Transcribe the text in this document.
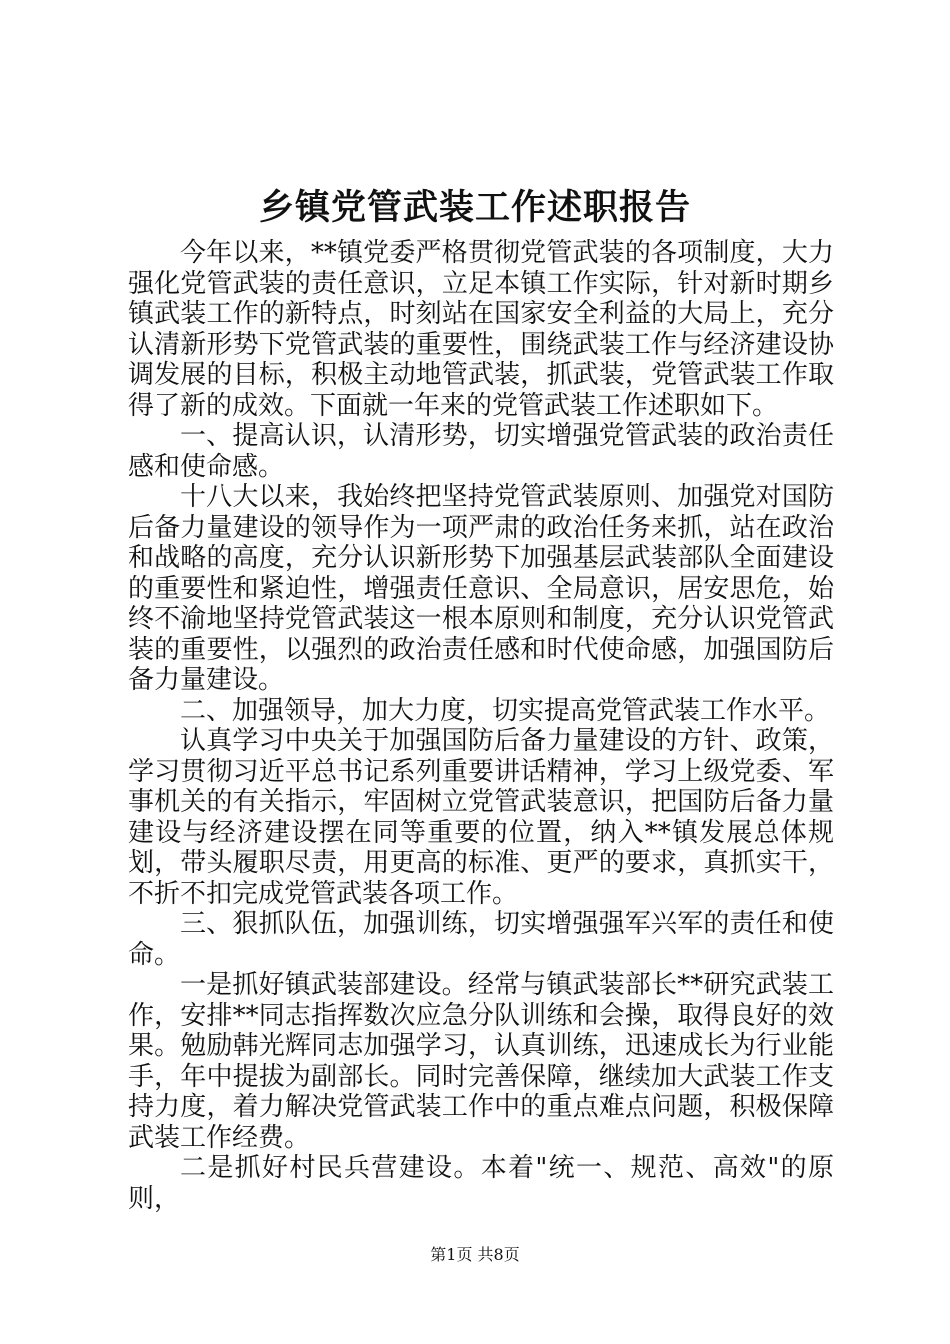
乡镇党管武装工作述职报告

今年以来，**镇党委严格贯彻党管武装的各项制度，大力强化党管武装的责任意识，立足本镇工作实际，针对新时期乡镇武装工作的新特点，时刻站在国家安全利益的大局上，充分认清新形势下党管武装的重要性，围绕武装工作与经济建设协调发展的目标，积极主动地管武装，抓武装，党管武装工作取得了新的成效。下面就一年来的党管武装工作述职如下。

一、提高认识，认清形势，切实增强党管武装的政治责任感和使命感。

十八大以来，我始终把坚持党管武装原则、加强党对国防后备力量建设的领导作为一项严肃的政治任务来抓，站在政治和战略的高度，充分认识新形势下加强基层武装部队全面建设的重要性和紧迫性，增强责任意识、全局意识，居安思危，始终不渝地坚持党管武装这一根本原则和制度，充分认识党管武装的重要性，以强烈的政治责任感和时代使命感，加强国防后备力量建设。

二、加强领导，加大力度，切实提高党管武装工作水平。

认真学习中央关于加强国防后备力量建设的方针、政策，学习贯彻习近平总书记系列重要讲话精神，学习上级党委、军事机关的有关指示，牢固树立党管武装意识，把国防后备力量建设与经济建设摆在同等重要的位置，纳入**镇发展总体规划，带头履职尽责，用更高的标准、更严的要求，真抓实干，不折不扣完成党管武装各项工作。

三、狠抓队伍，加强训练，切实增强强军兴军的责任和使命。

一是抓好镇武装部建设。经常与镇武装部长**研究武装工作，安排**同志指挥数次应急分队训练和会操，取得良好的效果。勉励韩光辉同志加强学习，认真训练，迅速成长为行业能手，年中提拔为副部长。同时完善保障，继续加大武装工作支持力度，着力解决党管武装工作中的重点难点问题，积极保障武装工作经费。

二是抓好村民兵营建设。本着"统一、规范、高效"的原则，

第1页 共8页
